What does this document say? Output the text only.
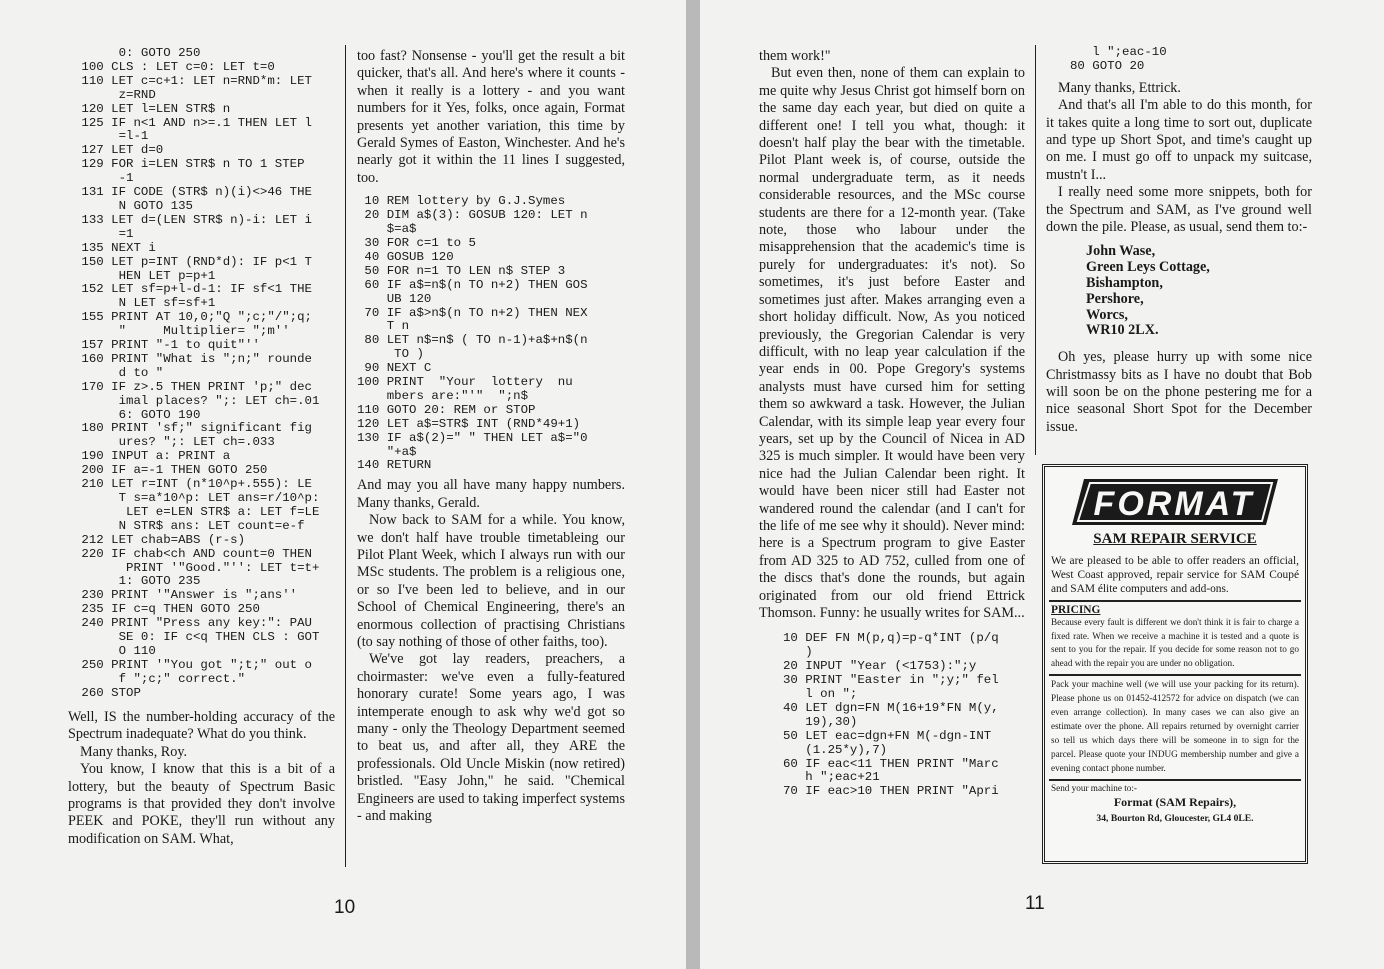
0: GOTO 250
100 CLS : LET c=0: LET t=0
110 LET c=c+1: LET n=RND*m: LET
z=RND
120 LET l=LEN STR$ n
125 IF n<1 AND n>=.1 THEN LET l
=l-1
127 LET d=0
129 FOR i=LEN STR$ n TO 1 STEP
-1
131 IF CODE (STR$ n)(i)<>46 THE
N GOTO 135
133 LET d=(LEN STR$ n)-i: LET i
=1
135 NEXT i
150 LET p=INT (RND*d): IF p<1 T
HEN LET p=p+1
152 LET sf=p+l-d-1: IF sf<1 THE
N LET sf=sf+1
155 PRINT AT 10,0;"Q ";c;"/";q;
"     Multiplier= ";m''
157 PRINT "-1 to quit"''
160 PRINT "What is ";n;" rounde
d to "
170 IF z>.5 THEN PRINT 'p;" dec
imal places? ";: LET ch=.01
6: GOTO 190
180 PRINT 'sf;" significant fig
ures? ";: LET ch=.033
190 INPUT a: PRINT a
200 IF a=-1 THEN GOTO 250
210 LET r=INT (n*10^p+.555): LE
T s=a*10^p: LET ans=r/10^p:
LET e=LEN STR$ a: LET f=LE
N STR$ ans: LET count=e-f
212 LET chab=ABS (r-s)
220 IF chab<ch AND count=0 THEN
PRINT '"Good."'': LET t=t+
1: GOTO 235
230 PRINT '"Answer is ";ans''
235 IF c=q THEN GOTO 250
240 PRINT "Press any key:": PAU
SE 0: IF c<q THEN CLS : GOT
O 110
250 PRINT '"You got ";t;" out o
f ";c;" correct."
260 STOP

Well, IS the number-holding accuracy of the Spectrum inadequate? What do you think.

Many thanks, Roy.

You know, I know that this is a bit of a lottery, but the beauty of Spectrum Basic programs is that provided they don't involve PEEK and POKE, they'll run without any modification on SAM. What,

too fast? Nonsense - you'll get the result a bit quicker, that's all. And here's where it counts - when it really is a lottery - and you want numbers for it Yes, folks, once again, Format presents yet another variation, this time by Gerald Symes of Easton, Winchester. And he's nearly got it within the 11 lines I suggested, too.

10 REM lottery by G.J.Symes
20 DIM a$(3): GOSUB 120: LET n
$=a$
30 FOR c=1 to 5
40 GOSUB 120
50 FOR n=1 TO LEN n$ STEP 3
60 IF a$=n$(n TO n+2) THEN GOS
UB 120
70 IF a$>n$(n TO n+2) THEN NEX
T n
80 LET n$=n$ ( TO n-1)+a$+n$(n
TO )
90 NEXT C
100 PRINT  "Your  lottery  nu
mbers are:"'"  ";n$
110 GOTO 20: REM or STOP
120 LET a$=STR$ INT (RND*49+1)
130 IF a$(2)=" " THEN LET a$="0
"+a$
140 RETURN

And may you all have many happy numbers. Many thanks, Gerald.

Now back to SAM for a while. You know, we don't half have trouble timetableing our Pilot Plant Week, which I always run with our MSc students. The problem is a religious one, or so I've been led to believe, and in our School of Chemical Engineering, there's an enormous collection of practising Christians (to say nothing of those of other faiths, too).

We've got lay readers, preachers, a choirmaster: we've even a fully-featured honorary curate! Some years ago, I was intemperate enough to ask why we'd got so many - only the Theology Department seemed to beat us, and after all, they ARE the professionals. Old Uncle Miskin (now retired) bristled. "Easy John," he said. "Chemical Engineers are used to taking imperfect systems - and making

10

them work!"

But even then, none of them can explain to me quite why Jesus Christ got himself born on the same day each year, but died on quite a different one! I tell you what, though: it doesn't half play the bear with the timetable. Pilot Plant week is, of course, outside the normal undergraduate term, as it needs considerable resources, and the MSc course students are there for a 12-month year. (Take note, those who labour under the misapprehension that the academic's time is purely for undergraduates: it's not). So sometimes, it's just before Easter and sometimes just after. Makes arranging even a short holiday difficult. Now, As you noticed previously, the Gregorian Calendar is very difficult, with no leap year calculation if the year ends in 00. Pope Gregory's systems analysts must have cursed him for setting them so awkward a task. However, the Julian Calendar, with its simple leap year every four years, set up by the Council of Nicea in AD 325 is much simpler. It would have been very nice had the Julian Calendar been right. It would have been nicer still had Easter not wandered round the calendar (and I can't for the life of me see why it should). Never mind: here is a Spectrum program to give Easter from AD 325 to AD 752, culled from one of the discs that's done the rounds, but again originated from our old friend Ettrick Thomson. Funny: he usually writes for SAM...

10 DEF FN M(p,q)=p-q*INT (p/q
)
20 INPUT "Year (<1753):";y
30 PRINT "Easter in ";y;" fel
l on ";
40 LET dgn=FN M(16+19*FN M(y,
19),30)
50 LET eac=dgn+FN M(-dgn-INT
(1.25*y),7)
60 IF eac<11 THEN PRINT "Marc
h ";eac+21
70 IF eac>10 THEN PRINT "Apri
l ";eac-10
80 GOTO 20

Many thanks, Ettrick.

And that's all I'm able to do this month, for it takes quite a long time to sort out, duplicate and type up Short Spot, and time's caught up on me. I must go off to unpack my suitcase, mustn't I...

I really need some more snippets, both for the Spectrum and SAM, as I've ground well down the pile. Please, as usual, send them to:-

John Wase,
Green Leys Cottage,
Bishampton,
Pershore,
Worcs,
WR10 2LX.

Oh yes, please hurry up with some nice Christmassy bits as I have no doubt that Bob will soon be on the phone pestering me for a nice seasonal Short Spot for the December issue.

11
FORMAT
SAM REPAIR SERVICE
We are pleased to be able to offer readers an official, West Coast approved, repair service for SAM Coupé and SAM élite computers and add-ons.
PRICING
Because every fault is different we don't think it is fair to charge a fixed rate. When we receive a machine it is tested and a quote is sent to you for the repair. If you decide for some reason not to go ahead with the repair you are under no obligation.
Pack your machine well (we will use your packing for its return). Please phone us on 01452-412572 for advice on dispatch (we can even arrange collection). In many cases we can also give an estimate over the phone. All repairs returned by overnight carrier so tell us which days there will be someone in to sign for the parcel. Please quote your INDUG membership number and give a evening contact phone number.
Send your machine to:-
Format (SAM Repairs),
34, Bourton Rd, Gloucester, GL4 0LE.
